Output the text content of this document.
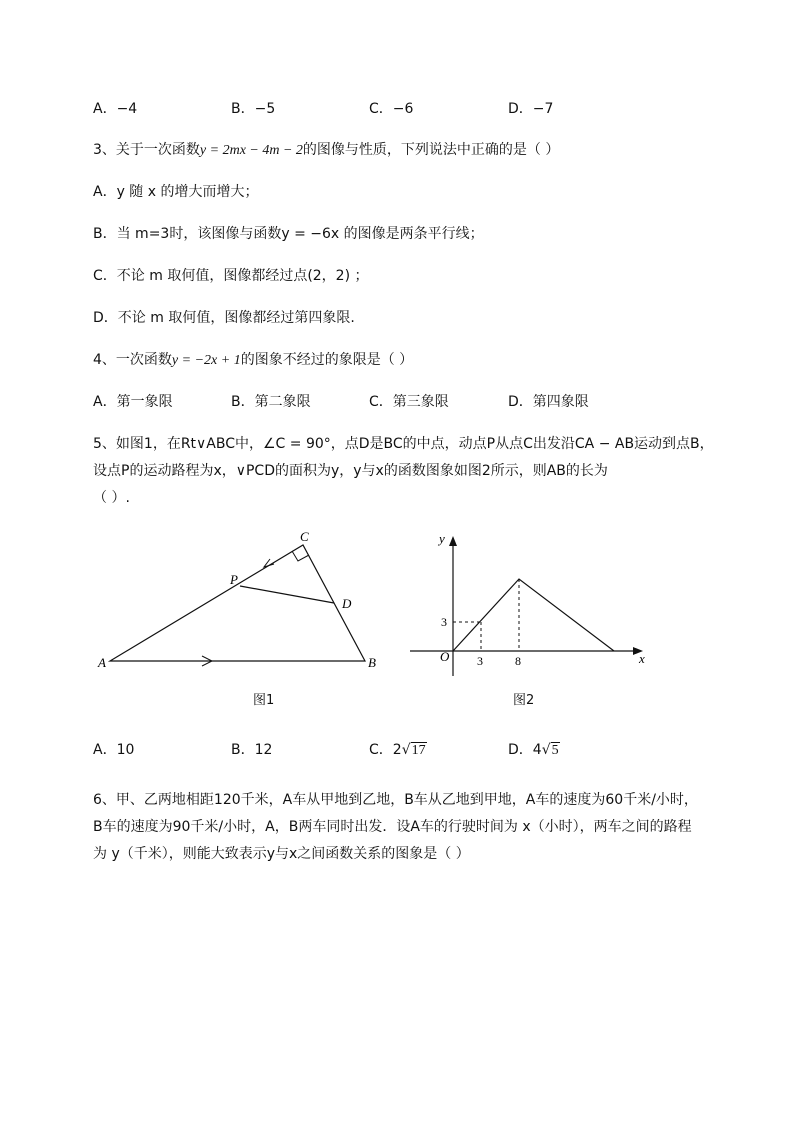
A．−4	B．−5	C．−6	D．−7
3、关于一次函数y = 2mx − 4m − 2的图像与性质，下列说法中正确的是（ ）
A．y 随 x 的增大而增大；
B．当 m=3时，该图像与函数y = −6x 的图像是两条平行线；
C．不论 m 取何值，图像都经过点(2，2) ；
D．不论 m 取何值，图像都经过第四象限.
4、一次函数y = −2x + 1的图象不经过的象限是（ ）
A．第一象限	B．第二象限	C．第三象限	D．第四象限
5、如图1，在Rt∨ABC中，∠C = 90°，点D是BC的中点，动点P从点C出发沿CA − AB运动到点B，
设点P的运动路程为x，∨PCD的面积为y，y与x的函数图象如图2所示，则AB的长为
（ ）.
A	B
C
D
P
图1
y
x
O
3
3	8
图2
A．10	B．12	C．2√17	D．4√5
6、甲、乙两地相距120千米，A车从甲地到乙地，B车从乙地到甲地，A车的速度为60千米/小时，
B车的速度为90千米/小时，A，B两车同时出发．设A车的行驶时间为 x（小时），两车之间的路程
为 y（千米），则能大致表示y与x之间函数关系的图象是（ ）
